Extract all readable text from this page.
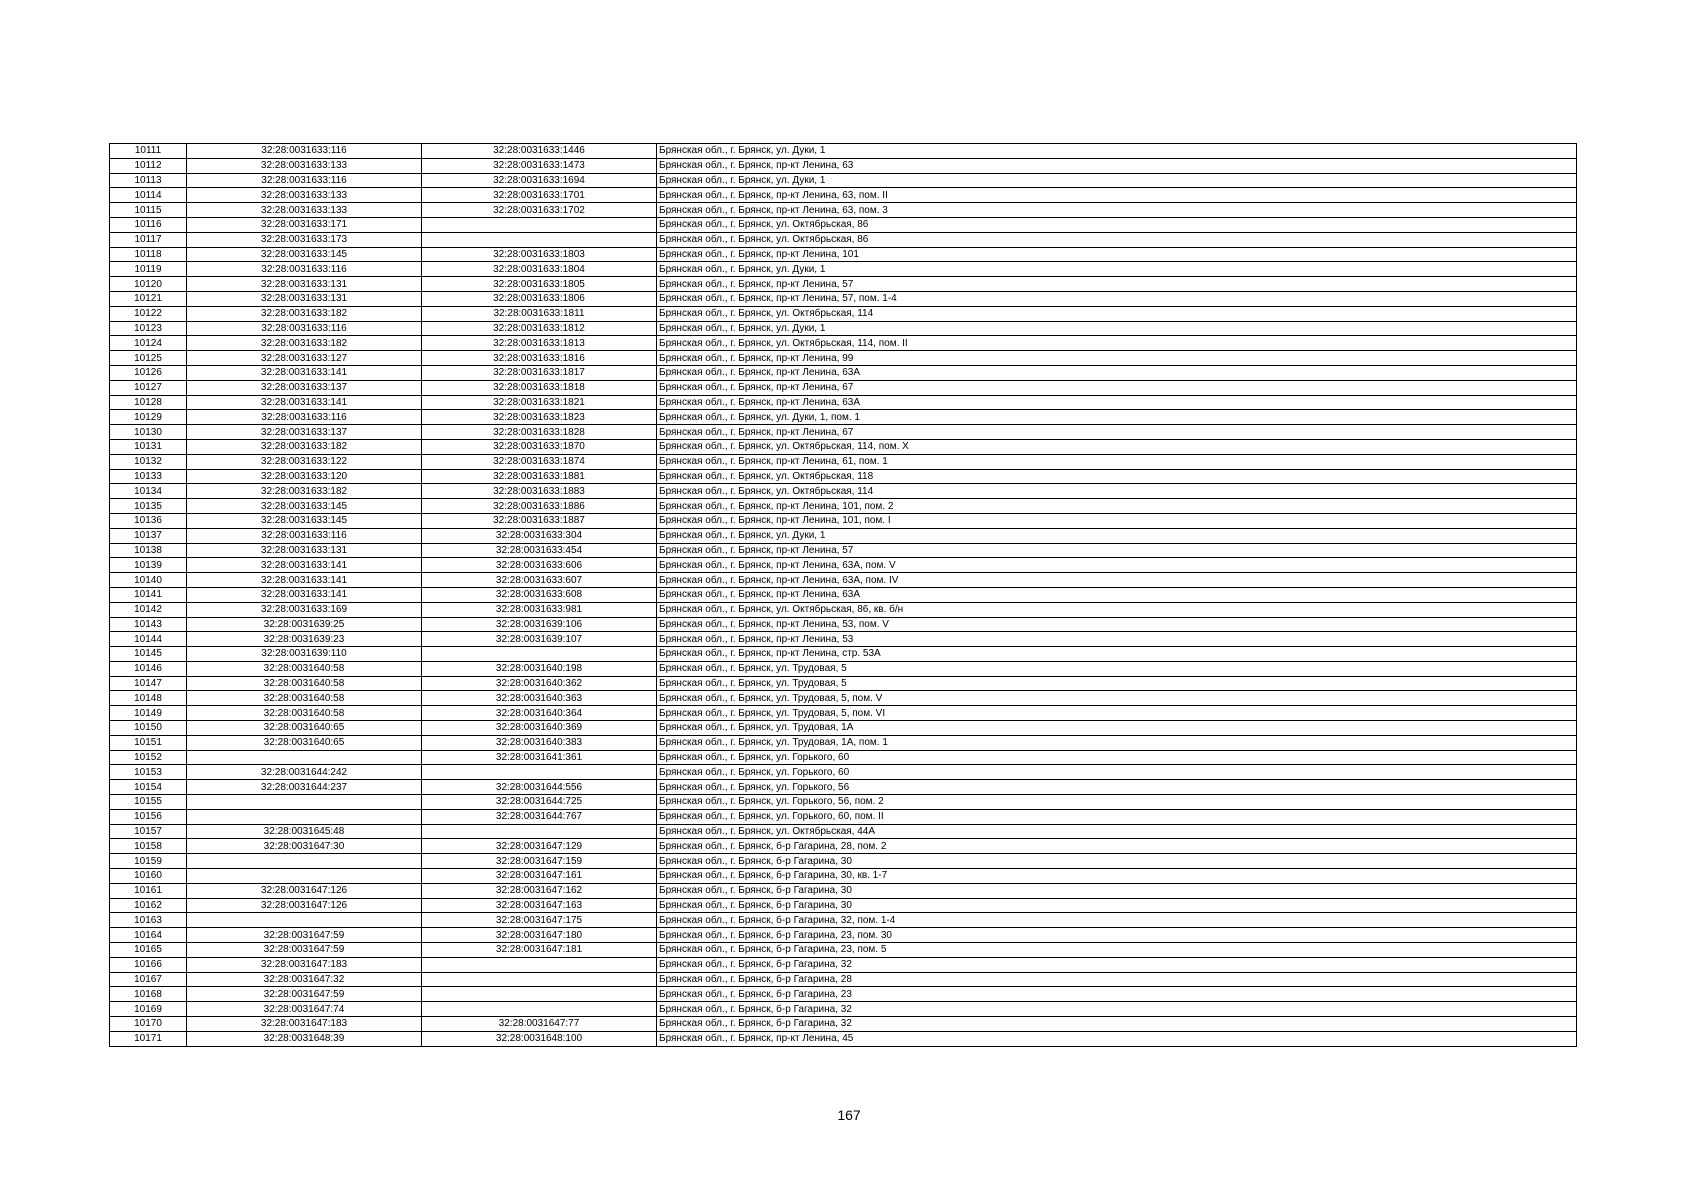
10111	32:28:0031633:116	32:28:0031633:1446	Брянская обл., г. Брянск, ул. Дуки, 1
10112	32:28:0031633:133	32:28:0031633:1473	Брянская обл., г. Брянск, пр-кт Ленина, 63
10113	32:28:0031633:116	32:28:0031633:1694	Брянская обл., г. Брянск, ул. Дуки, 1
10114	32:28:0031633:133	32:28:0031633:1701	Брянская обл., г. Брянск, пр-кт Ленина, 63, пом. II
10115	32:28:0031633:133	32:28:0031633:1702	Брянская обл., г. Брянск, пр-кт Ленина, 63, пом. 3
10116	32:28:0031633:171		Брянская обл., г. Брянск, ул. Октябрьская, 86
10117	32:28:0031633:173		Брянская обл., г. Брянск, ул. Октябрьская, 86
10118	32:28:0031633:145	32:28:0031633:1803	Брянская обл., г. Брянск, пр-кт Ленина, 101
10119	32:28:0031633:116	32:28:0031633:1804	Брянская обл., г. Брянск, ул. Дуки, 1
10120	32:28:0031633:131	32:28:0031633:1805	Брянская обл., г. Брянск, пр-кт Ленина, 57
10121	32:28:0031633:131	32:28:0031633:1806	Брянская обл., г. Брянск, пр-кт Ленина, 57, пом. 1-4
10122	32:28:0031633:182	32:28:0031633:1811	Брянская обл., г. Брянск, ул. Октябрьская, 114
10123	32:28:0031633:116	32:28:0031633:1812	Брянская обл., г. Брянск, ул. Дуки, 1
10124	32:28:0031633:182	32:28:0031633:1813	Брянская обл., г. Брянск, ул. Октябрьская, 114, пом. II
10125	32:28:0031633:127	32:28:0031633:1816	Брянская обл., г. Брянск, пр-кт Ленина, 99
10126	32:28:0031633:141	32:28:0031633:1817	Брянская обл., г. Брянск, пр-кт Ленина, 63А
10127	32:28:0031633:137	32:28:0031633:1818	Брянская обл., г. Брянск, пр-кт Ленина, 67
10128	32:28:0031633:141	32:28:0031633:1821	Брянская обл., г. Брянск, пр-кт Ленина, 63А
10129	32:28:0031633:116	32:28:0031633:1823	Брянская обл., г. Брянск, ул. Дуки, 1, пом. 1
10130	32:28:0031633:137	32:28:0031633:1828	Брянская обл., г. Брянск, пр-кт Ленина, 67
10131	32:28:0031633:182	32:28:0031633:1870	Брянская обл., г. Брянск, ул. Октябрьская, 114, пом. X
10132	32:28:0031633:122	32:28:0031633:1874	Брянская обл., г. Брянск, пр-кт Ленина, 61, пом. 1
10133	32:28:0031633:120	32:28:0031633:1881	Брянская обл., г. Брянск, ул. Октябрьская, 118
10134	32:28:0031633:182	32:28:0031633:1883	Брянская обл., г. Брянск, ул. Октябрьская, 114
10135	32:28:0031633:145	32:28:0031633:1886	Брянская обл., г. Брянск, пр-кт Ленина, 101, пом. 2
10136	32:28:0031633:145	32:28:0031633:1887	Брянская обл., г. Брянск, пр-кт Ленина, 101, пом. I
10137	32:28:0031633:116	32:28:0031633:304	Брянская обл., г. Брянск, ул. Дуки, 1
10138	32:28:0031633:131	32:28:0031633:454	Брянская обл., г. Брянск, пр-кт Ленина, 57
10139	32:28:0031633:141	32:28:0031633:606	Брянская обл., г. Брянск, пр-кт Ленина, 63А, пом. V
10140	32:28:0031633:141	32:28:0031633:607	Брянская обл., г. Брянск, пр-кт Ленина, 63А, пом. IV
10141	32:28:0031633:141	32:28:0031633:608	Брянская обл., г. Брянск, пр-кт Ленина, 63А
10142	32:28:0031633:169	32:28:0031633:981	Брянская обл., г. Брянск, ул. Октябрьская, 86, кв. б/н
10143	32:28:0031639:25	32:28:0031639:106	Брянская обл., г. Брянск, пр-кт Ленина, 53, пом. V
10144	32:28:0031639:23	32:28:0031639:107	Брянская обл., г. Брянск, пр-кт Ленина, 53
10145	32:28:0031639:110		Брянская обл., г. Брянск, пр-кт Ленина, стр. 53А
10146	32:28:0031640:58	32:28:0031640:198	Брянская обл., г. Брянск, ул. Трудовая, 5
10147	32:28:0031640:58	32:28:0031640:362	Брянская обл., г. Брянск, ул. Трудовая, 5
10148	32:28:0031640:58	32:28:0031640:363	Брянская обл., г. Брянск, ул. Трудовая, 5, пом. V
10149	32:28:0031640:58	32:28:0031640:364	Брянская обл., г. Брянск, ул. Трудовая, 5, пом. VI
10150	32:28:0031640:65	32:28:0031640:369	Брянская обл., г. Брянск, ул. Трудовая, 1А
10151	32:28:0031640:65	32:28:0031640:383	Брянская обл., г. Брянск, ул. Трудовая, 1А, пом. 1
10152		32:28:0031641:361	Брянская обл., г. Брянск, ул. Горького, 60
10153	32:28:0031644:242		Брянская обл., г. Брянск, ул. Горького, 60
10154	32:28:0031644:237	32:28:0031644:556	Брянская обл., г. Брянск, ул. Горького, 56
10155		32:28:0031644:725	Брянская обл., г. Брянск, ул. Горького, 56, пом. 2
10156		32:28:0031644:767	Брянская обл., г. Брянск, ул. Горького, 60, пом. II
10157	32:28:0031645:48		Брянская обл., г. Брянск, ул. Октябрьская, 44А
10158	32:28:0031647:30	32:28:0031647:129	Брянская обл., г. Брянск, б-р Гагарина, 28, пом. 2
10159		32:28:0031647:159	Брянская обл., г. Брянск, б-р Гагарина, 30
10160		32:28:0031647:161	Брянская обл., г. Брянск, б-р Гагарина, 30, кв. 1-7
10161	32:28:0031647:126	32:28:0031647:162	Брянская обл., г. Брянск, б-р Гагарина, 30
10162	32:28:0031647:126	32:28:0031647:163	Брянская обл., г. Брянск, б-р Гагарина, 30
10163		32:28:0031647:175	Брянская обл., г. Брянск, б-р Гагарина, 32, пом. 1-4
10164	32:28:0031647:59	32:28:0031647:180	Брянская обл., г. Брянск, б-р Гагарина, 23, пом. 30
10165	32:28:0031647:59	32:28:0031647:181	Брянская обл., г. Брянск, б-р Гагарина, 23, пом. 5
10166	32:28:0031647:183		Брянская обл., г. Брянск, б-р Гагарина, 32
10167	32:28:0031647:32		Брянская обл., г. Брянск, б-р Гагарина, 28
10168	32:28:0031647:59		Брянская обл., г. Брянск, б-р Гагарина, 23
10169	32:28:0031647:74		Брянская обл., г. Брянск, б-р Гагарина, 32
10170	32:28:0031647:183	32:28:0031647:77	Брянская обл., г. Брянск, б-р Гагарина, 32
10171	32:28:0031648:39	32:28:0031648:100	Брянская обл., г. Брянск, пр-кт Ленина, 45
167
